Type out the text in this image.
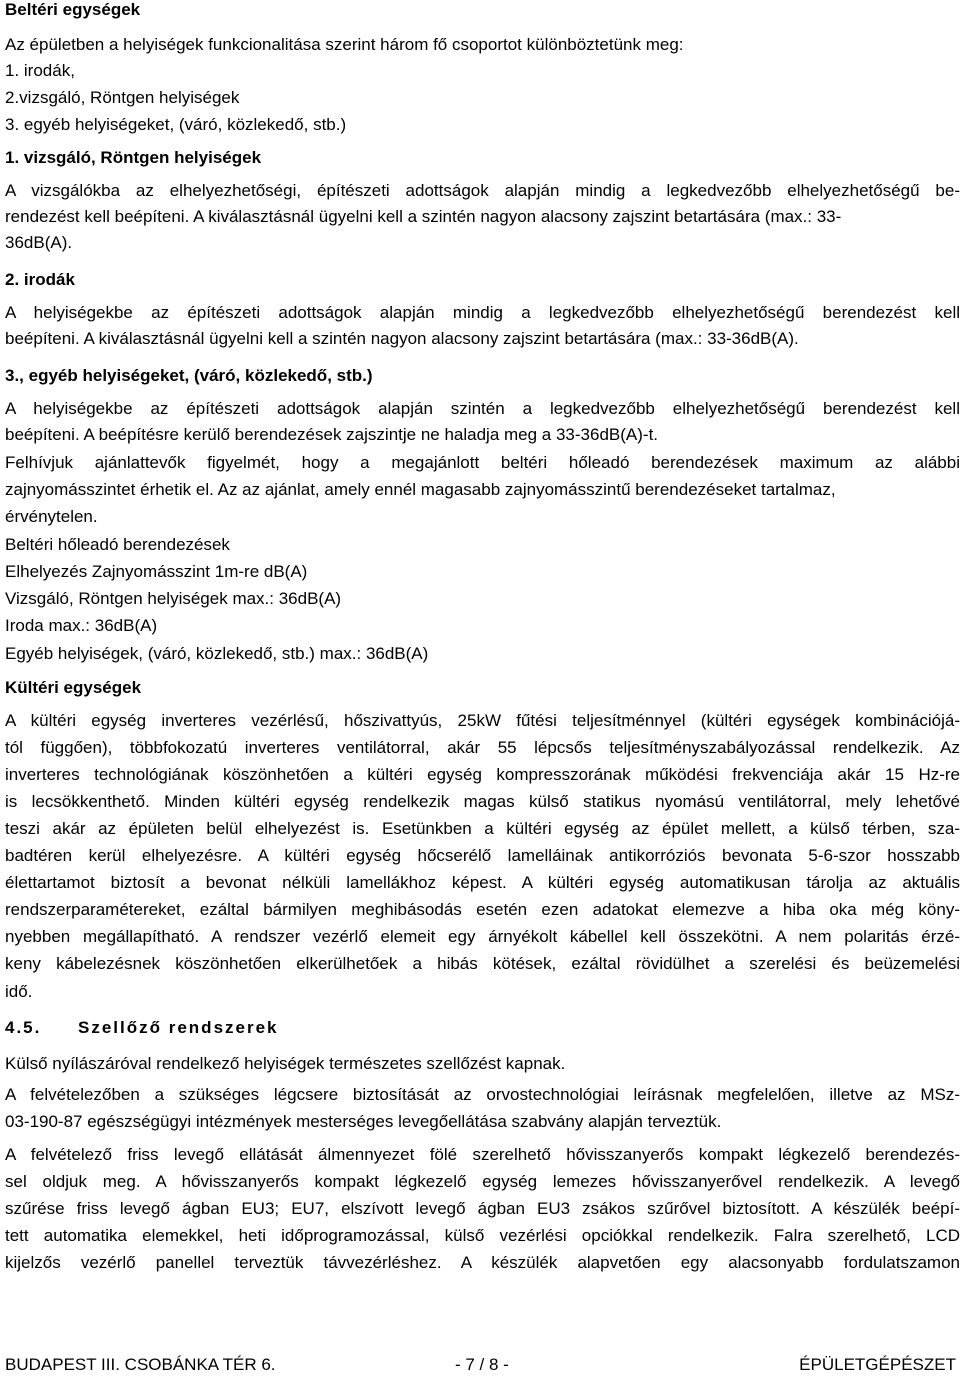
Beltéri egységek
Az épületben a helyiségek funkcionalitása szerint három fő csoportot különböztetünk meg:
1. irodák,
2.vizsgáló, Röntgen helyiségek
3. egyéb helyiségeket, (váró, közlekedő, stb.)
1. vizsgáló, Röntgen helyiségek
A vizsgálókba az elhelyezhetőségi, építészeti adottságok alapján mindig a legkedvezőbb elhelyezhetőségű be-
rendezést kell beépíteni. A kiválasztásnál ügyelni kell a szintén nagyon alacsony zajszint betartására (max.: 33-
36dB(A).
2. irodák
A helyiségekbe az építészeti adottságok alapján mindig a legkedvezőbb elhelyezhetőségű berendezést kell
beépíteni. A kiválasztásnál ügyelni kell a szintén nagyon alacsony zajszint betartására (max.: 33-36dB(A).
3., egyéb helyiségeket, (váró, közlekedő, stb.)
A helyiségekbe az építészeti adottságok alapján szintén a legkedvezőbb elhelyezhetőségű berendezést kell
beépíteni. A beépítésre kerülő berendezések zajszintje ne haladja meg a 33-36dB(A)-t.
Felhívjuk ajánlattevők figyelmét, hogy a megajánlott beltéri hőleadó berendezések maximum az alábbi
zajnyomásszintet érhetik el. Az az ajánlat, amely ennél magasabb zajnyomásszintű berendezéseket tartalmaz,
érvénytelen.
Beltéri hőleadó berendezések
Elhelyezés Zajnyomásszint 1m-re dB(A)
Vizsgáló, Röntgen helyiségek max.: 36dB(A)
Iroda max.: 36dB(A)
Egyéb helyiségek, (váró, közlekedő, stb.) max.: 36dB(A)
Kültéri egységek
A kültéri egység inverteres vezérlésű, hőszivattyús, 25kW fűtési teljesítménnyel (kültéri egységek kombinációjá-
tól függően), többfokozatú inverteres ventilátorral, akár 55 lépcsős teljesítményszabályozással rendelkezik. Az
inverteres technológiának köszönhetően a kültéri egység kompresszorának működési frekvenciája akár 15 Hz-re
is lecsökkenthető. Minden kültéri egység rendelkezik magas külső statikus nyomású ventilátorral, mely lehetővé
teszi akár az épületen belül elhelyezést is. Esetünkben a kültéri egység az épület mellett, a külső térben, sza-
badtéren kerül elhelyezésre. A kültéri egység hőcserélő lamelláinak antikorróziós bevonata 5-6-szor hosszabb
élettartamot biztosít a bevonat nélküli lamellákhoz képest. A kültéri egység automatikusan tárolja az aktuális
rendszerparamétereket, ezáltal bármilyen meghibásodás esetén ezen adatokat elemezve a hiba oka még köny-
nyebben megállapítható. A rendszer vezérlő elemeit egy árnyékolt kábellel kell összekötni. A nem polaritás érzé-
keny kábelezésnek köszönhetően elkerülhetőek a hibás kötések, ezáltal rövidülhet a szerelési és beüzemelési
idő.
4.5. Szellőző rendszerek
Külső nyílászáróval rendelkező helyiségek természetes szellőzést kapnak.
A felvételezőben a szükséges légcsere biztosítását az orvostechnológiai leírásnak megfelelően, illetve az MSz-
03-190-87 egészségügyi intézmények mesterséges levegőellátása szabvány alapján terveztük.
A felvételező friss levegő ellátását álmennyezet fölé szerelhető hővisszanyerős kompakt légkezelő berendezés-
sel oldjuk meg. A hővisszanyerős kompakt légkezelő egység lemezes hővisszanyerővel rendelkezik. A levegő
szűrése friss levegő ágban EU3; EU7, elszívott levegő ágban EU3 zsákos szűrővel biztosított. A készülék beépí-
tett automatika elemekkel, heti időprogramozással, külső vezérlési opciókkal rendelkezik. Falra szerelhető, LCD
kijelzős vezérlő panellel terveztük távvezérléshez. A készülék alapvetően egy alacsonyabb fordulatszamon
BUDAPEST III. CSOBÁNKA TÉR 6.	- 7 / 8 -	ÉPÜLETGÉPÉSZET
